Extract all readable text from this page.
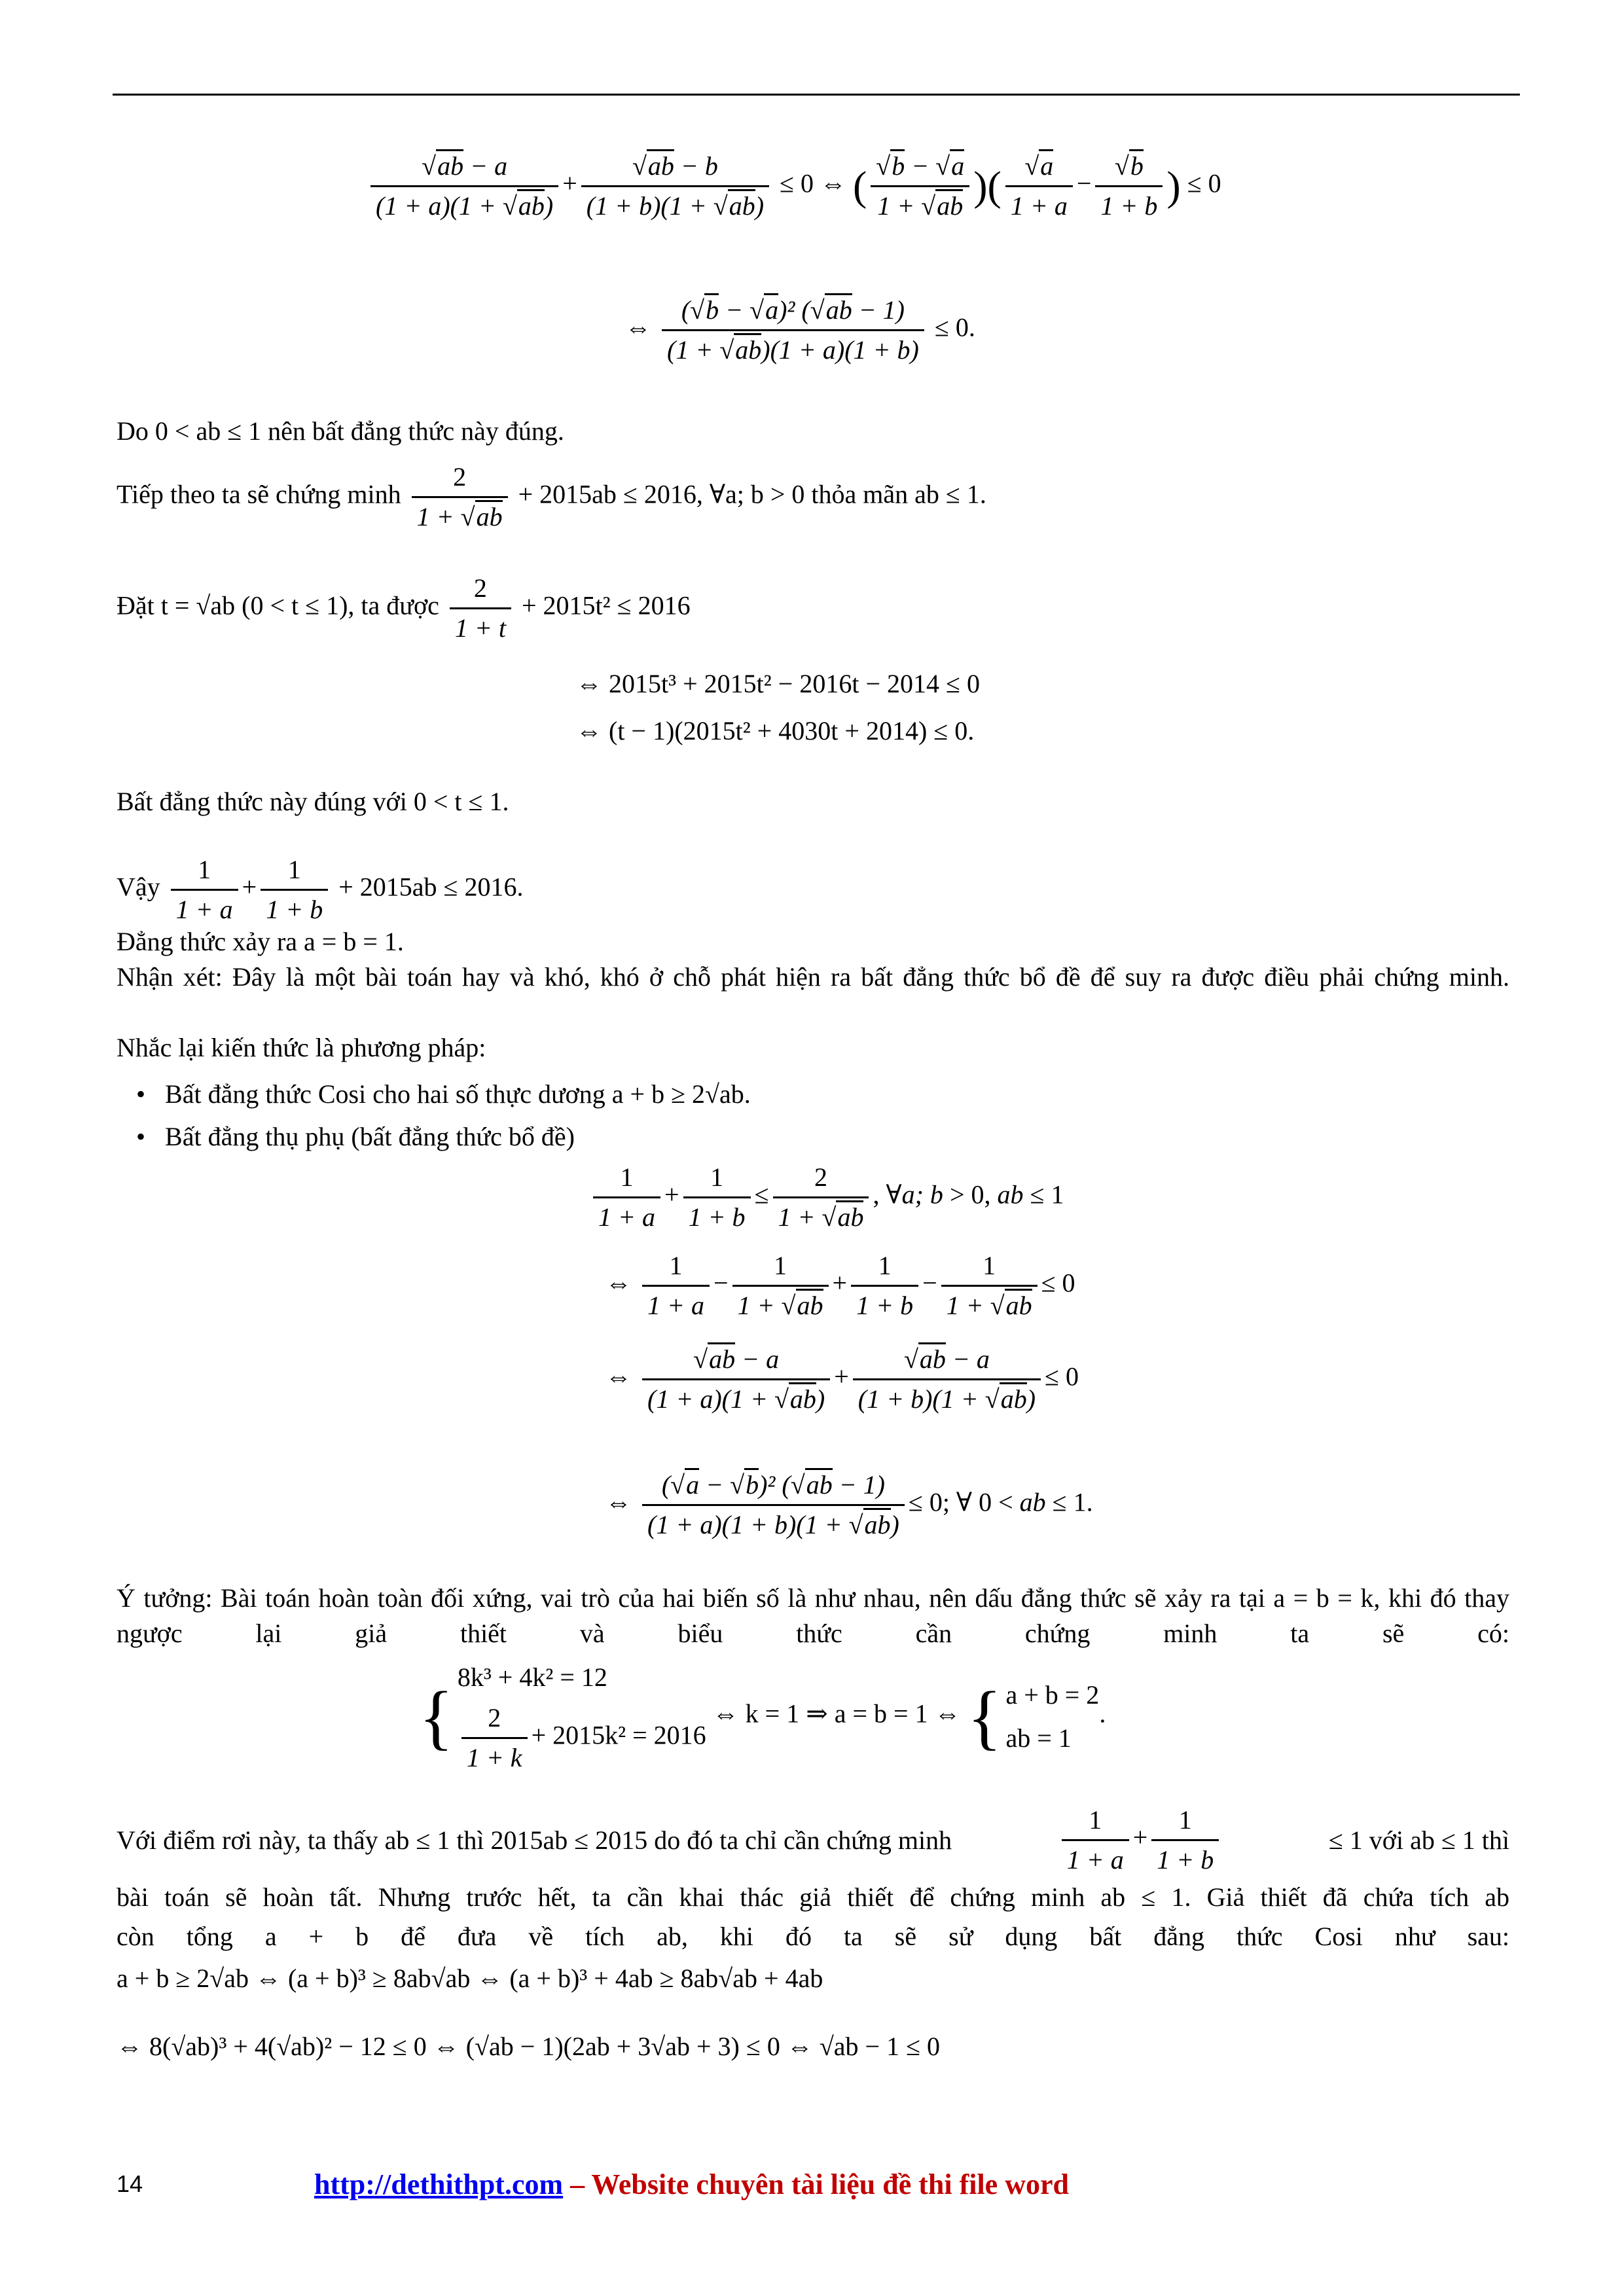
$\frac{√ab - a}{(1 + a)(1 + √ab)} + \frac{√ab - b}{(1 + b)(1 + √ab)} \le 0$ ⇔ ( $\frac{√b - √a}{1 + √ab}$ )( $\frac{√a}{1 + a} - \frac{√b}{1 + b}$ ) ≤ 0
⇔ $\frac{\text{(√b − √a)² (√ab − 1)}}{(1 + √ab)(1 + a)(1 + b)} \le 0$.
Do 0 < ab ≤ 1 nên bất đẳng thức này đúng.
Tiếp theo ta sẽ chứng minh $\frac{2}{1 + √ab} + 2015ab \le 2016$, ∀a; b > 0 thỏa mãn ab ≤ 1.
Đặt t = √ab (0 < t ≤ 1), ta được $\frac{2}{1 + t} + 2015t^2 \le 2016$
⇔ 2015t³ + 2015t² − 2016t − 2014 ≤ 0
⇔ (t − 1)(2015t² + 4030t + 2014) ≤ 0.
Bất đẳng thức này đúng với 0 < t ≤ 1.
Vậy $\frac{1}{1 + a} + \frac{1}{1 + b} + 2015ab \le 2016$.
Đẳng thức xảy ra a = b = 1.
Nhận xét: Đây là một bài toán hay và khó, khó ở chỗ phát hiện ra bất đẳng thức bổ đề để suy ra được điều phải chứng minh.
Nhắc lại kiến thức là phương pháp:
•   Bất đẳng thức Cosi cho hai số thực dương a + b ≥ 2√ab.
•   Bất đẳng thụ phụ (bất đẳng thức bổ đề)
$\frac{1}{1 + a} + \frac{1}{1 + b} \le \frac{2}{1 + √ab}$ , ∀a; b > 0, ab ≤ 1
⇔ $\frac{1}{1 + a} - \frac{1}{1 + √ab} + \frac{1}{1 + b} - \frac{1}{1 + √ab} \le 0$
⇔ $\frac{√ab - a}{(1 + a)(1 + √ab)} + \frac{√ab - a}{(1 + b)(1 + √ab)} \le 0$
⇔ $\frac{\text{(√a − √b)² (√ab − 1)}}{(1 + a)(1 + b)(1 + √ab)} \le 0$; ∀ 0 < ab ≤ 1.
Ý tưởng: Bài toán hoàn toàn đối xứng, vai trò của hai biến số là như nhau, nên dấu đẳng thức sẽ xảy ra tại a = b = k, khi đó thay ngược lại giả thiết và biểu thức cần chứng minh ta sẽ có:
{ 8k³ + 4k² = 12
$\frac{2}{1 + k} + 2015k^2 = 2016$
⇔ k = 1 ⇒ a = b = 1 ⇔ { a + b = 2
ab = 1
.
Với điểm rơi này, ta thấy ab ≤ 1 thì 2015ab ≤ 2015 do đó ta chỉ cần chứng minh	$\frac{1}{1 + a} + \frac{1}{1 + b}$	≤ 1 với ab ≤ 1 thì
bài toán sẽ hoàn tất. Nhưng trước hết, ta cần khai thác giả thiết để chứng minh ab ≤ 1. Giả thiết đã chứa tích ab
còn tổng a + b để đưa về tích ab, khi đó ta sẽ sử dụng bất đẳng thức Cosi như sau:
a + b ≥ 2√ab ⇔ (a + b)³ ≥ 8ab√ab ⇔ (a + b)³ + 4ab ≥ 8ab√ab + 4ab
⇔ 8(√ab)³ + 4(√ab)² − 12 ≤ 0 ⇔ (√ab − 1)(2ab + 3√ab + 3) ≤ 0 ⇔ √ab − 1 ≤ 0
14	http://dethithpt.com – Website chuyên tài liệu đề thi file word
